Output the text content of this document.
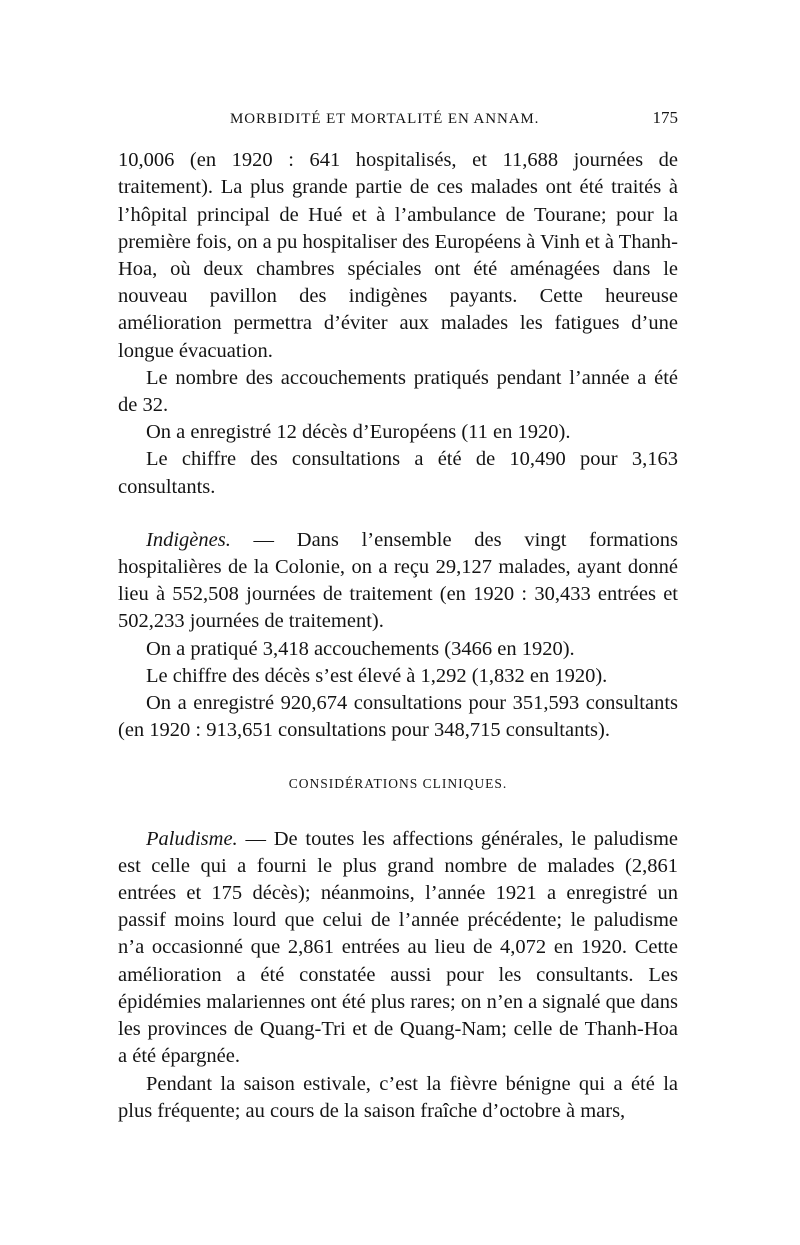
MORBIDITÉ ET MORTALITÉ EN ANNAM.	175

10,006 (en 1920 : 641 hospitalisés, et 11,688 journées de traitement). La plus grande partie de ces malades ont été traités à l’hôpital principal de Hué et à l’ambulance de Tourane; pour la première fois, on a pu hospitaliser des Européens à Vinh et à Thanh-Hoa, où deux chambres spéciales ont été aménagées dans le nouveau pavillon des indigènes payants. Cette heureuse amélioration permettra d’éviter aux malades les fatigues d’une longue évacuation.

Le nombre des accouchements pratiqués pendant l’année a été de 32.

On a enregistré 12 décès d’Européens (11 en 1920).

Le chiffre des consultations a été de 10,490 pour 3,163 consultants.

Indigènes. — Dans l’ensemble des vingt formations hospitalières de la Colonie, on a reçu 29,127 malades, ayant donné lieu à 552,508 journées de traitement (en 1920 : 30,433 entrées et 502,233 journées de traitement).

On a pratiqué 3,418 accouchements (3466 en 1920).

Le chiffre des décès s’est élevé à 1,292 (1,832 en 1920).

On a enregistré 920,674 consultations pour 351,593 consultants (en 1920 : 913,651 consultations pour 348,715 consultants).

CONSIDÉRATIONS CLINIQUES.

Paludisme. — De toutes les affections générales, le paludisme est celle qui a fourni le plus grand nombre de malades (2,861 entrées et 175 décès); néanmoins, l’année 1921 a enregistré un passif moins lourd que celui de l’année précédente; le paludisme n’a occasionné que 2,861 entrées au lieu de 4,072 en 1920. Cette amélioration a été constatée aussi pour les consultants. Les épidémies malariennes ont été plus rares; on n’en a signalé que dans les provinces de Quang-Tri et de Quang-Nam; celle de Thanh-Hoa a été épargnée.

Pendant la saison estivale, c’est la fièvre bénigne qui a été la plus fréquente; au cours de la saison fraîche d’octobre à mars,
